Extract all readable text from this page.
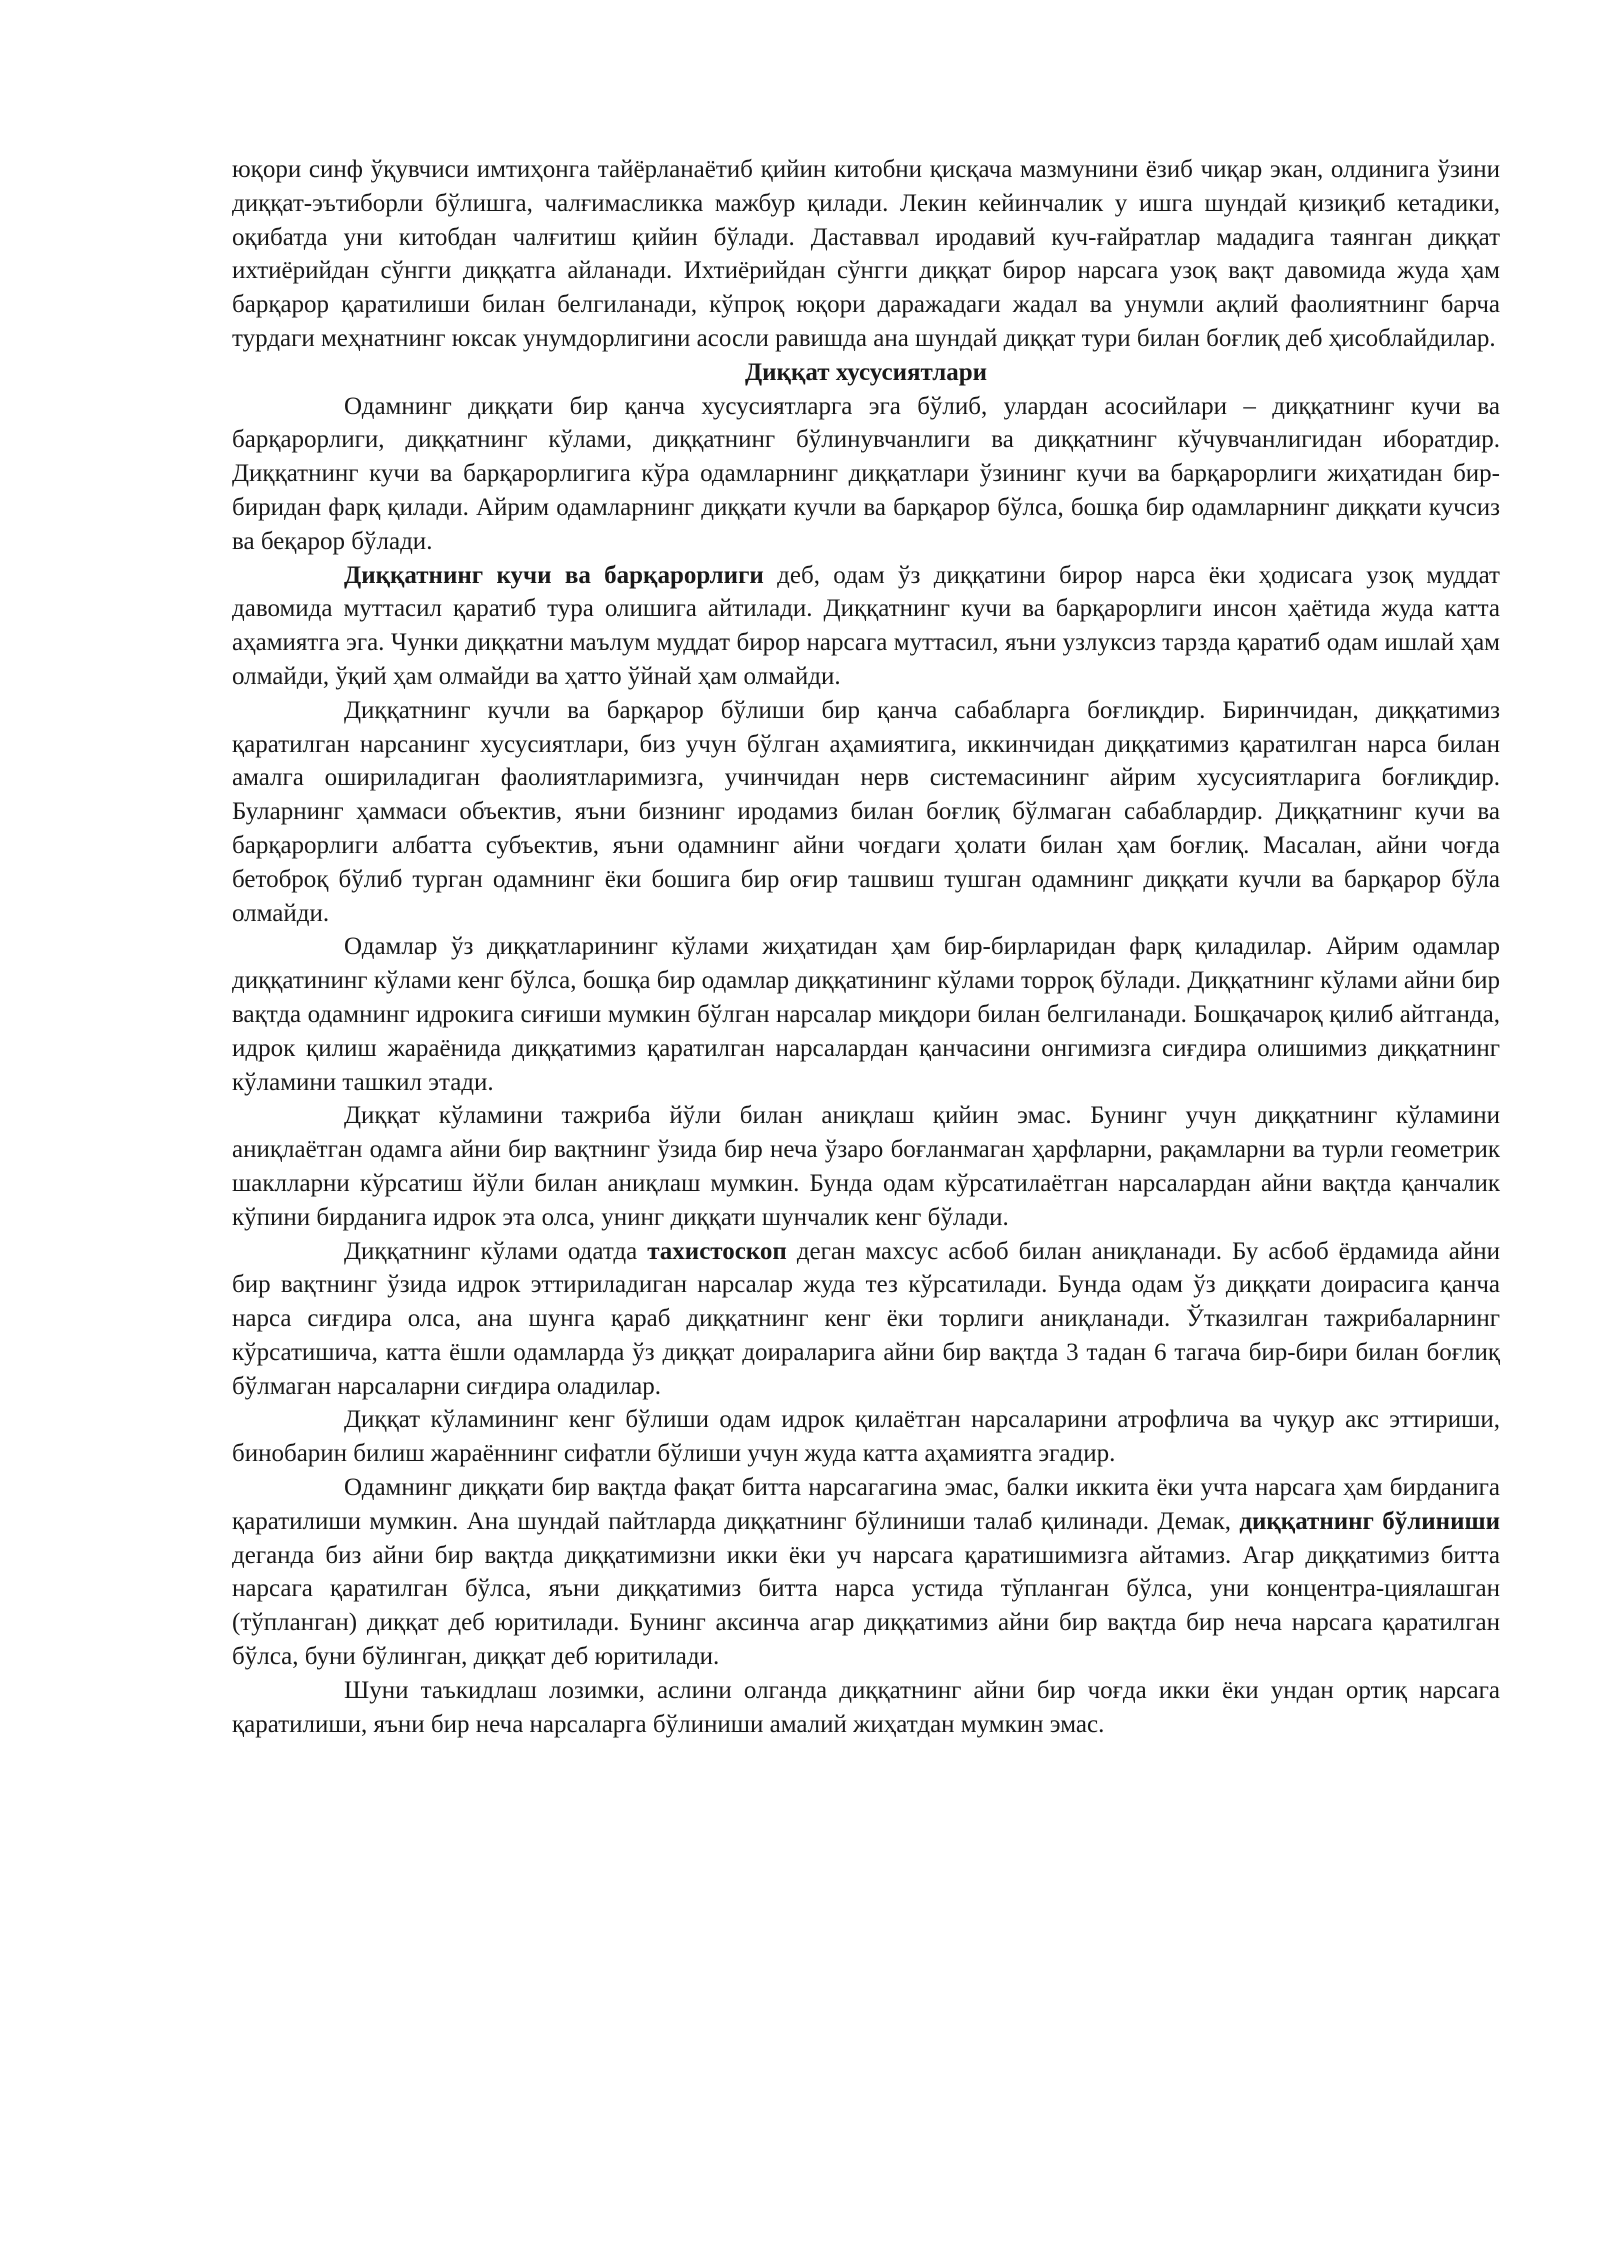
юқори синф ўқувчиси имтиҳонга тайёрланаётиб қийин китобни қисқача мазмунини ёзиб чиқар экан, олдинига ўзини диққат-эътиборли бўлишга, чалғимасликка мажбур қилади. Лекин кейинчалик у ишга шундай қизиқиб кетадики, оқибатда уни китобдан чалғитиш қийин бўлади. Даставвал иродавий куч-ғайратлар мададига таянган диққат ихтиёрийдан сўнгги диққатга айланади. Ихтиёрийдан сўнгги диққат бирор нарсага узоқ вақт давомида жуда ҳам барқарор қаратилиши билан белгиланади, кўпроқ юқори даражадаги жадал ва унумли ақлий фаолиятнинг барча турдаги меҳнатнинг юксак унумдорлигини асосли равишда ана шундай диққат тури билан боғлиқ деб ҳисоблайдилар.

Диққат хусусиятлари

Одамнинг диққати бир қанча хусусиятларга эга бўлиб, улардан асосийлари – диққатнинг кучи ва барқарорлиги, диққатнинг кўлами, диққатнинг бўлинувчанлиги ва диққатнинг кўчувчанлигидан иборатдир. Диққатнинг кучи ва барқарорлигига кўра одамларнинг диққатлари ўзининг кучи ва барқарорлиги жиҳатидан бир-биридан фарқ қилади. Айрим одамларнинг диққати кучли ва барқарор бўлса, бошқа бир одамларнинг диққати кучсиз ва беқарор бўлади.

Диққатнинг кучи ва барқарорлиги деб, одам ўз диққатини бирор нарса ёки ҳодисага узоқ муддат давомида муттасил қаратиб тура олишига айтилади. Диққатнинг кучи ва барқарорлиги инсон ҳаётида жуда катта аҳамиятга эга. Чунки диққатни маълум муддат бирор нарсага муттасил, яъни узлуксиз тарзда қаратиб одам ишлай ҳам олмайди, ўқий ҳам олмайди ва ҳатто ўйнай ҳам олмайди.

Диққатнинг кучли ва барқарор бўлиши бир қанча сабабларга боғлиқдир. Биринчидан, диққатимиз қаратилган нарсанинг хусусиятлари, биз учун бўлган аҳамиятига, иккинчидан диққатимиз қаратилган нарса билан амалга ошириладиган фаолиятларимизга, учинчидан нерв системасининг айрим хусусиятларига боғлиқдир. Буларнинг ҳаммаси объектив, яъни бизнинг иродамиз билан боғлиқ бўлмаган сабаблардир. Диққатнинг кучи ва барқарорлиги албатта субъектив, яъни одамнинг айни чоғдаги ҳолати билан ҳам боғлиқ. Масалан, айни чоғда бетоброқ бўлиб турган одамнинг ёки бошига бир оғир ташвиш тушган одамнинг диққати кучли ва барқарор бўла олмайди.

Одамлар ўз диққатларининг кўлами жиҳатидан ҳам бир-бирларидан фарқ қиладилар. Айрим одамлар диққатининг кўлами кенг бўлса, бошқа бир одамлар диққатининг кўлами торроқ бўлади. Диққатнинг кўлами айни бир вақтда одамнинг идрокига сиғиши мумкин бўлган нарсалар миқдори билан белгиланади. Бошқачароқ қилиб айтганда, идрок қилиш жараёнида диққатимиз қаратилган нарсалардан қанчасини онгимизга сиғдира олишимиз диққатнинг кўламини ташкил этади.

Диққат кўламини тажриба йўли билан аниқлаш қийин эмас. Бунинг учун диққатнинг кўламини аниқлаётган одамга айни бир вақтнинг ўзида бир неча ўзаро боғланмаган ҳарфларни, рақамларни ва турли геометрик шаклларни кўрсатиш йўли билан аниқлаш мумкин. Бунда одам кўрсатилаётган нарсалардан айни вақтда қанчалик кўпини бирданига идрок эта олса, унинг диққати шунчалик кенг бўлади.

Диққатнинг кўлами одатда тахистоскоп деган махсус асбоб билан аниқланади. Бу асбоб ёрдамида айни бир вақтнинг ўзида идрок эттириладиган нарсалар жуда тез кўрсатилади. Бунда одам ўз диққати доирасига қанча нарса сиғдира олса, ана шунга қараб диққатнинг кенг ёки торлиги аниқланади. Ўтказилган тажрибаларнинг кўрсатишича, катта ёшли одамларда ўз диққат доираларига айни бир вақтда 3 тадан 6 тагача бир-бири билан боғлиқ бўлмаган нарсаларни сиғдира оладилар.

Диққат кўламининг кенг бўлиши одам идрок қилаётган нарсаларини атрофлича ва чуқур акс эттириши, бинобарин билиш жараённинг сифатли бўлиши учун жуда катта аҳамиятга эгадир.

Одамнинг диққати бир вақтда фақат битта нарсагагина эмас, балки иккита ёки учта нарсага ҳам бирданига қаратилиши мумкин. Ана шундай пайтларда диққатнинг бўлиниши талаб қилинади. Демак, диққатнинг бўлиниши деганда биз айни бир вақтда диққатимизни икки ёки уч нарсага қаратишимизга айтамиз. Агар диққатимиз битта нарсага қаратилган бўлса, яъни диққатимиз битта нарса устида тўпланган бўлса, уни концентра-циялашган (тўпланган) диққат деб юритилади. Бунинг аксинча агар диққатимиз айни бир вақтда бир неча нарсага қаратилган бўлса, буни бўлинган, диққат деб юритилади.

Шуни таъкидлаш лозимки, аслини олганда диққатнинг айни бир чоғда икки ёки ундан ортиқ нарсага қаратилиши, яъни бир неча нарсаларга бўлиниши амалий жиҳатдан мумкин эмас.
